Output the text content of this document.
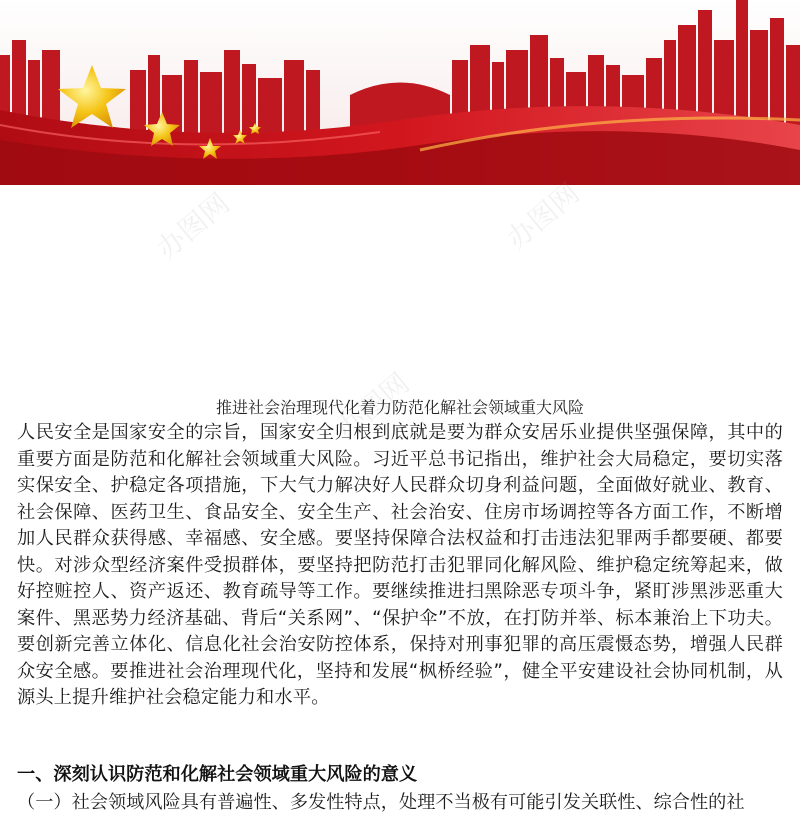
办图网	办图网
办图网
推进社会治理现代化着力防范化解社会领域重大风险
人民安全是国家安全的宗旨，国家安全归根到底就是要为群众安居乐业提供坚强保障，其中的重要方面是防范和化解社会领域重大风险。习近平总书记指出，维护社会大局稳定，要切实落实保安全、护稳定各项措施，下大气力解决好人民群众切身利益问题，全面做好就业、教育、社会保障、医药卫生、食品安全、安全生产、社会治安、住房市场调控等各方面工作，不断增加人民群众获得感、幸福感、安全感。要坚持保障合法权益和打击违法犯罪两手都要硬、都要快。对涉众型经济案件受损群体，要坚持把防范打击犯罪同化解风险、维护稳定统筹起来，做好控赃控人、资产返还、教育疏导等工作。要继续推进扫黑除恶专项斗争，紧盯涉黑涉恶重大案件、黑恶势力经济基础、背后“关系网”、“保护伞”不放，在打防并举、标本兼治上下功夫。要创新完善立体化、信息化社会治安防控体系，保持对刑事犯罪的高压震慑态势，增强人民群众安全感。要推进社会治理现代化，坚持和发展“枫桥经验”，健全平安建设社会协同机制，从源头上提升维护社会稳定能力和水平。
一、深刻认识防范和化解社会领域重大风险的意义
（一）社会领域风险具有普遍性、多发性特点，处理不当极有可能引发关联性、综合性的社
